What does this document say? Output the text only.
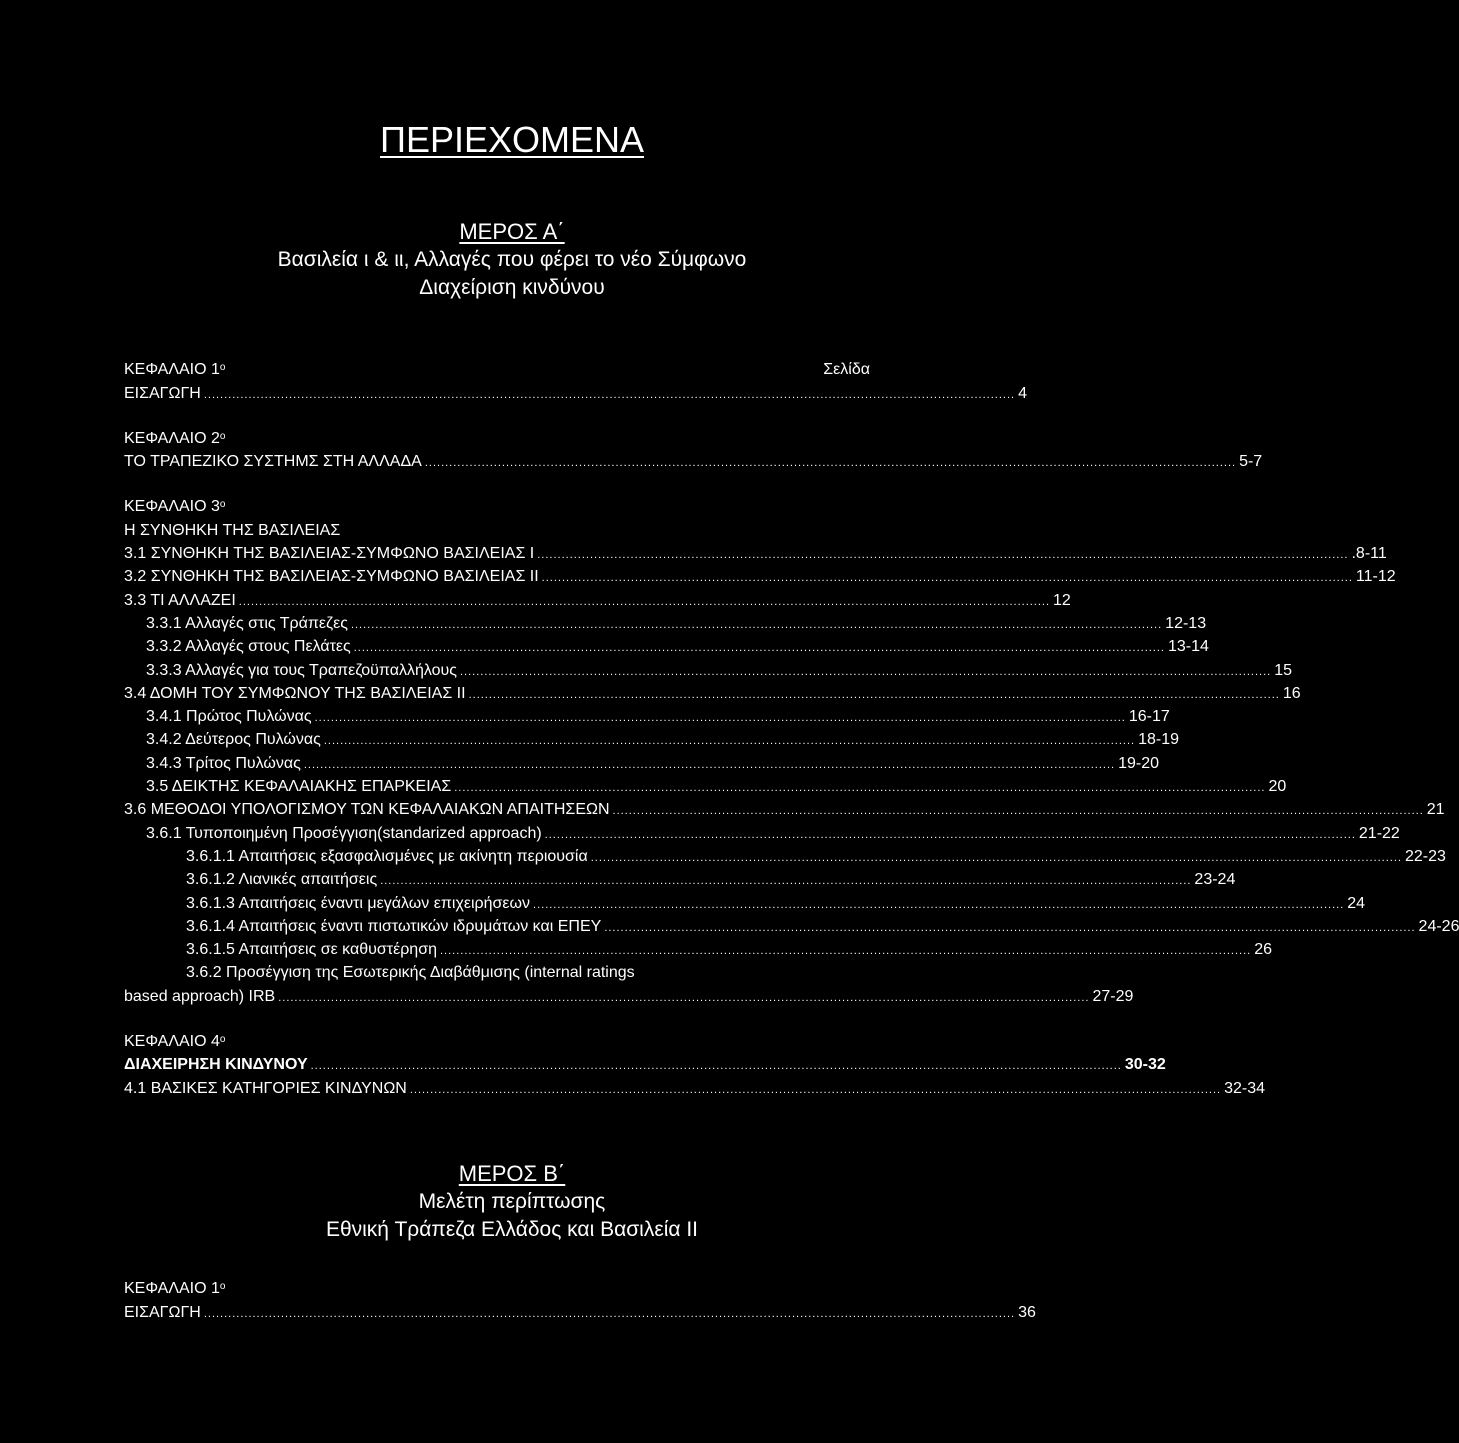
ΠΕΡΙΕΧΟΜΕΝΑ
ΜΕΡΟΣ Α΄
Βασιλεία ι & ιι, Αλλαγές που φέρει το νέο Σύμφωνο
Διαχείριση κινδύνου
ΚΕΦΑΛΑΙΟ $1^o$	Σελίδα
ΕΙΣΑΓΩΓΗ ........................................................................................................................................................................................................ 4
ΚΕΦΑΛΑΙΟ $2^o$
ΤΟ ΤΡΑΠΕΖΙΚΟ ΣΥΣΤΗΜΣ ΣΤΗ ΑΛΛΑΔΑ ........................................................................................................................................................................................................ 5-7
ΚΕΦΑΛΑΙΟ $3^o$
Η ΣΥΝΘΗΚΗ ΤΗΣ ΒΑΣΙΛΕΙΑΣ
3.1 ΣΥΝΘΗΚΗ ΤΗΣ ΒΑΣΙΛΕΙΑΣ-ΣΥΜΦΩΝΟ ΒΑΣΙΛΕΙΑΣ Ι ........................................................................................................................................................................................................ .8-11
3.2 ΣΥΝΘΗΚΗ ΤΗΣ ΒΑΣΙΛΕΙΑΣ-ΣΥΜΦΩΝΟ ΒΑΣΙΛΕΙΑΣ ΙΙ ........................................................................................................................................................................................................ 11-12
3.3 ΤΙ ΑΛΛΑΖΕΙ ........................................................................................................................................................................................................ 12
3.3.1 Αλλαγές στις Τράπεζες ........................................................................................................................................................................................................ 12-13
3.3.2 Αλλαγές στους Πελάτες ........................................................................................................................................................................................................ 13-14
3.3.3 Αλλαγές για τους Τραπεζοϋπαλλήλους ........................................................................................................................................................................................................ 15
3.4 ΔΟΜΗ ΤΟΥ ΣΥΜΦΩΝΟΥ ΤΗΣ ΒΑΣΙΛΕΙΑΣ ΙΙ ........................................................................................................................................................................................................ 16
3.4.1 Πρώτος Πυλώνας ........................................................................................................................................................................................................ 16-17
3.4.2 Δεύτερος Πυλώνας ........................................................................................................................................................................................................ 18-19
3.4.3 Τρίτος Πυλώνας ........................................................................................................................................................................................................ 19-20
3.5 ΔΕΙΚΤΗΣ ΚΕΦΑΛΑΙΑΚΗΣ ΕΠΑΡΚΕΙΑΣ ........................................................................................................................................................................................................ 20
3.6 ΜΕΘΟΔΟΙ ΥΠΟΛΟΓΙΣΜΟΥ ΤΩΝ ΚΕΦΑΛΑΙΑΚΩΝ ΑΠΑΙΤΗΣΕΩΝ ........................................................................................................................................................................................................ 21
3.6.1 Τυποποιημένη Προσέγγιση(standarized approach) ........................................................................................................................................................................................................ 21-22
3.6.1.1 Απαιτήσεις εξασφαλισμένες με ακίνητη περιουσία ........................................................................................................................................................................................................ 22-23
3.6.1.2 Λιανικές απαιτήσεις ........................................................................................................................................................................................................ 23-24
3.6.1.3 Απαιτήσεις έναντι μεγάλων επιχειρήσεων ........................................................................................................................................................................................................ 24
3.6.1.4 Απαιτήσεις έναντι πιστωτικών ιδρυμάτων και ΕΠΕΥ ........................................................................................................................................................................................................ 24-26
3.6.1.5 Απαιτήσεις σε καθυστέρηση ........................................................................................................................................................................................................ 26
3.6.2 Προσέγγιση της Εσωτερικής Διαβάθμισης (internal ratings
based approach) IRB ........................................................................................................................................................................................................ 27-29
ΚΕΦΑΛΑΙΟ $4^o$
ΔΙΑΧΕΙΡΗΣΗ ΚΙΝΔΥΝΟΥ ........................................................................................................................................................................................................ 30-32
4.1 ΒΑΣΙΚΕΣ ΚΑΤΗΓΟΡΙΕΣ ΚΙΝΔΥΝΩΝ ........................................................................................................................................................................................................ 32-34
ΜΕΡΟΣ Β΄
Μελέτη περίπτωσης
Εθνική Τράπεζα Ελλάδος και Βασιλεία ΙΙ
ΚΕΦΑΛΑΙΟ $1^o$
ΕΙΣΑΓΩΓΗ ........................................................................................................................................................................................................ 36
